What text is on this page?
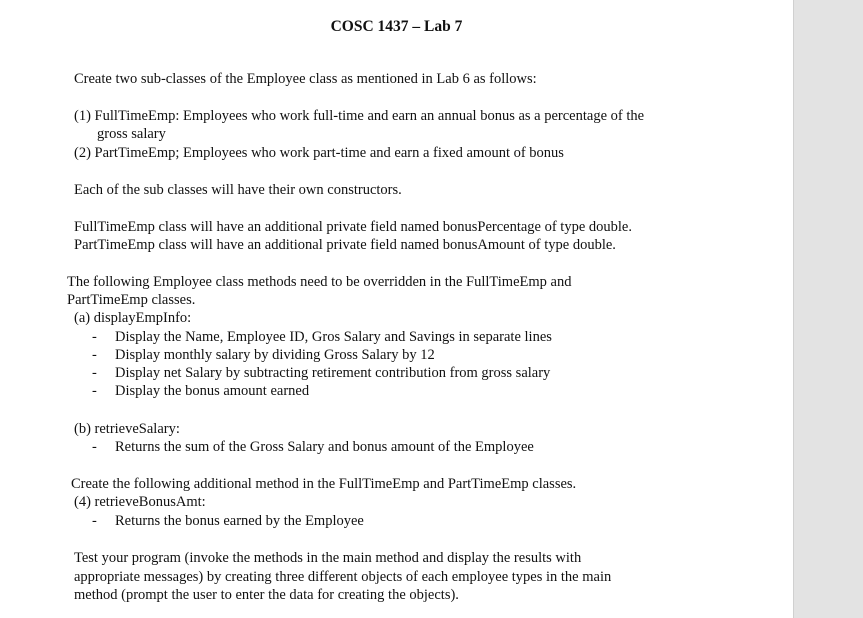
COSC 1437 – Lab 7
Create two sub-classes of the Employee class as mentioned in Lab 6 as follows:
(1) FullTimeEmp: Employees who work full-time and earn an annual bonus as a percentage of the
gross salary
(2) PartTimeEmp; Employees who work part-time and earn a fixed amount of bonus
Each of the sub classes will have their own constructors.
FullTimeEmp class will have an additional private field named bonusPercentage of type double.
PartTimeEmp class will have an additional private field named bonusAmount of type double.
The following Employee class methods need to be overridden in the FullTimeEmp and
PartTimeEmp classes.
(a) displayEmpInfo:
- Display the Name, Employee ID, Gros Salary and Savings in separate lines
- Display monthly salary by dividing Gross Salary by 12
- Display net Salary by subtracting retirement contribution from gross salary
- Display the bonus amount earned
(b) retrieveSalary:
- Returns the sum of the Gross Salary and bonus amount of the Employee
Create the following additional method in the FullTimeEmp and PartTimeEmp classes.
(4) retrieveBonusAmt:
- Returns the bonus earned by the Employee
Test your program (invoke the methods in the main method and display the results with
appropriate messages) by creating three different objects of each employee types in the main
method (prompt the user to enter the data for creating the objects).
